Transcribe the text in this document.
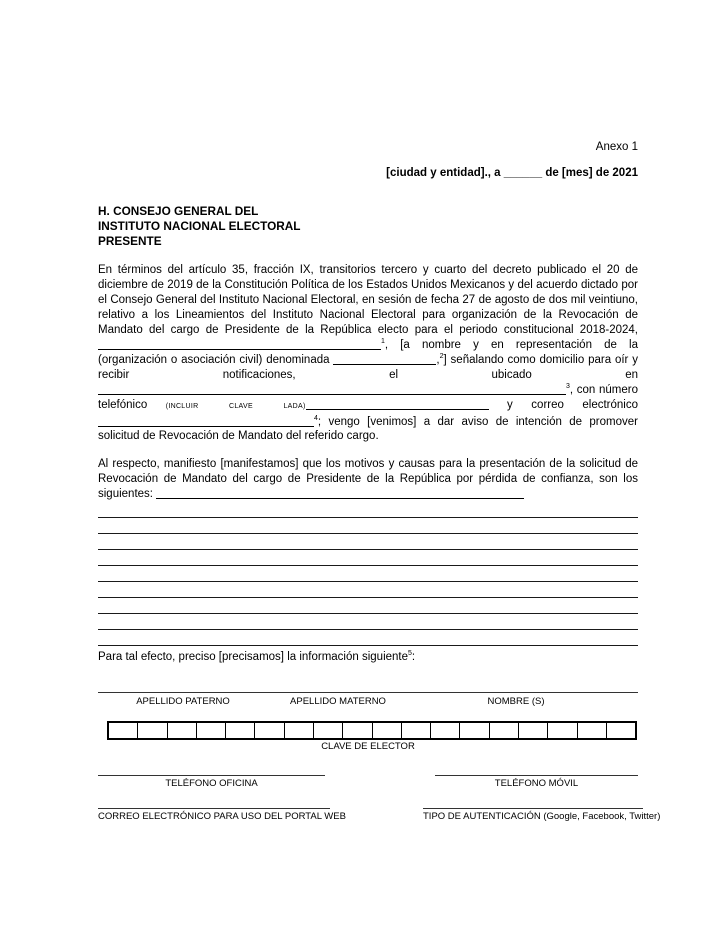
Anexo 1
[ciudad y entidad]., a ______ de [mes] de 2021
H. CONSEJO GENERAL DEL
INSTITUTO NACIONAL ELECTORAL
PRESENTE
En términos del artículo 35, fracción IX, transitorios tercero y cuarto del decreto publicado el 20 de diciembre de 2019 de la Constitución Política de los Estados Unidos Mexicanos y del acuerdo dictado por el Consejo General del Instituto Nacional Electoral, en sesión de fecha 27 de agosto de dos mil veintiuno, relativo a los Lineamientos del Instituto Nacional Electoral para organización de la Revocación de Mandato del cargo de Presidente de la República electo para el periodo constitucional 2018-2024, $^1$, [a nombre y en representación de la (organización o asociación civil) denominada	,$^2$] señalando como domicilio para oír y recibir notificaciones, el ubicado en $^3$, con número telefónico (INCLUIR CLAVE LADA)	y correo electrónico $^4$; vengo [venimos] a dar aviso de intención de promover solicitud de Revocación de Mandato del referido cargo.
Al respecto, manifiesto [manifestamos] que los motivos y causas para la presentación de la solicitud de Revocación de Mandato del cargo de Presidente de la República por pérdida de confianza, son los siguientes:
Para tal efecto, preciso [precisamos] la información siguiente$^5$:
APELLIDO PATERNO	APELLIDO MATERNO	NOMBRE (S)
CLAVE DE ELECTOR
TELÉFONO OFICINA	TELÉFONO MÓVIL
CORREO ELECTRÓNICO PARA USO DEL PORTAL WEB	TIPO DE AUTENTICACIÓN (Google, Facebook, Twitter)
